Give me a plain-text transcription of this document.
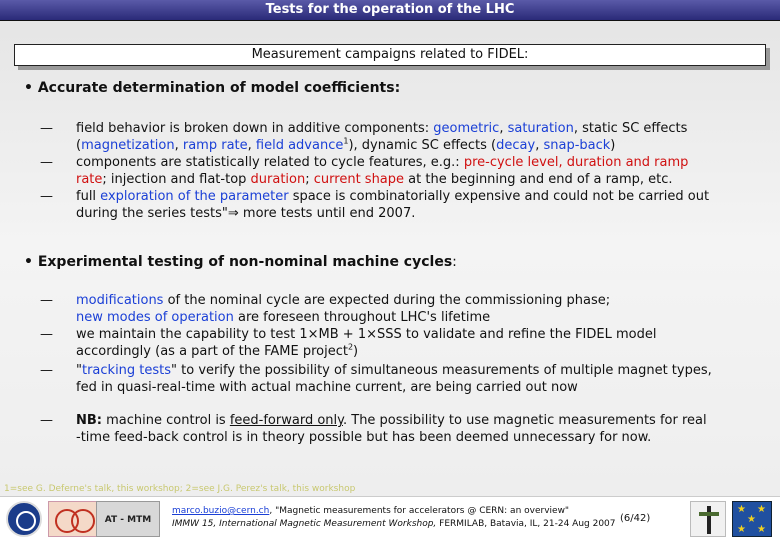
Tests for the operation of the LHC
Measurement campaigns related to FIDEL:
• Accurate determination of model coefficients:
— field behavior is broken down in additive components: geometric, saturation, static SC effects
(magnetization, ramp rate, field advance$^1$), dynamic SC effects (decay, snap-back)
— components are statistically related to cycle features, e.g.: pre-cycle level, duration and ramp
rate; injection and flat-top duration; current shape at the beginning and end of a ramp, etc.
— full exploration of the parameter space is combinatorially expensive and could not be carried out
during the series tests"⇒ more tests until end 2007.
• Experimental testing of non-nominal machine cycles:
— modifications of the nominal cycle are expected during the commissioning phase;
new modes of operation are foreseen throughout LHC's lifetime
— we maintain the capability to test 1×MB + 1×SSS to validate and refine the FIDEL model
accordingly (as a part of the FAME project$^2$)
— "tracking tests" to verify the possibility of simultaneous measurements of multiple magnet types,
fed in quasi-real-time with actual machine current, are being carried out now
— NB: machine control is feed-forward only. The possibility to use magnetic measurements for real
-time feed-back control is in theory possible but has been deemed unnecessary for now.
1=see G. Deferne's talk, this workshop; 2=see J.G. Perez's talk, this workshop
AT - MTM
marco.buzio@cern.ch, "Magnetic measurements for accelerators @ CERN: an overview"
IMMW 15, International Magnetic Measurement Workshop, FERMILAB, Batavia, IL, 21-24 Aug 2007 (6/42)
★ ★
★
★ ★
